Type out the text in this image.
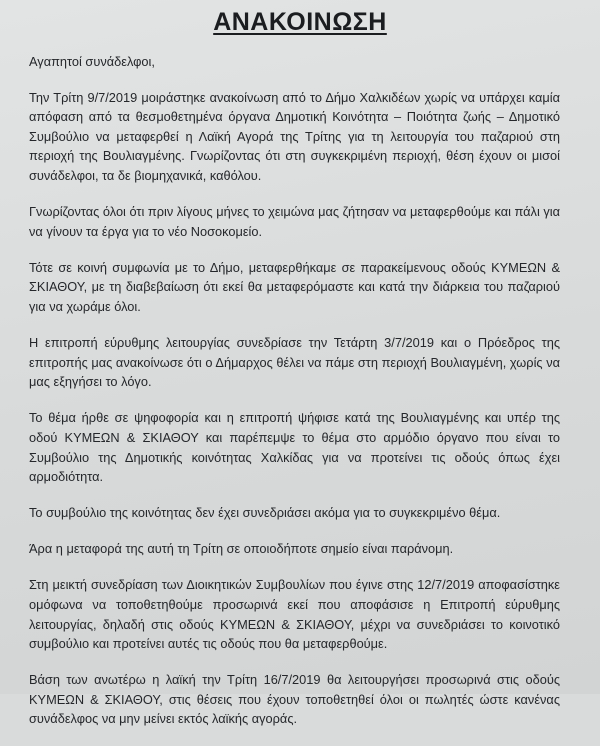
ΑΝΑΚΟΙΝΩΣΗ

Αγαπητοί συνάδελφοι,

Την Τρίτη 9/7/2019 μοιράστηκε ανακοίνωση από το Δήμο Χαλκιδέων χωρίς να υπάρχει καμία απόφαση από τα θεσμοθετημένα όργανα Δημοτική Κοινότητα – Ποιότητα ζωής – Δημοτικό Συμβούλιο να μεταφερθεί η Λαϊκή Αγορά της Τρίτης για τη λειτουργία του παζαριού στη περιοχή της Βουλιαγμένης. Γνωρίζοντας ότι στη συγκεκριμένη περιοχή, θέση έχουν οι μισοί συνάδελφοι, τα δε βιομηχανικά, καθόλου.

Γνωρίζοντας όλοι ότι πριν λίγους μήνες το χειμώνα μας ζήτησαν να μεταφερθούμε και πάλι για να γίνουν τα έργα για το νέο Νοσοκομείο.

Τότε σε κοινή συμφωνία με το Δήμο, μεταφερθήκαμε σε παρακείμενους οδούς ΚΥΜΕΩΝ & ΣΚΙΑΘΟΥ, με τη διαβεβαίωση ότι εκεί θα μεταφερόμαστε και κατά την διάρκεια του παζαριού για να χωράμε όλοι.

Η επιτροπή εύρυθμης λειτουργίας συνεδρίασε την Τετάρτη 3/7/2019 και ο Πρόεδρος της επιτροπής μας ανακοίνωσε ότι ο Δήμαρχος θέλει να πάμε στη περιοχή Βουλιαγμένη, χωρίς να μας εξηγήσει το λόγο.

Το θέμα ήρθε σε ψηφοφορία και η επιτροπή ψήφισε κατά της Βουλιαγμένης και υπέρ της οδού ΚΥΜΕΩΝ & ΣΚΙΑΘΟΥ και παρέπεμψε το θέμα στο αρμόδιο όργανο που είναι το Συμβούλιο της Δημοτικής κοινότητας Χαλκίδας για να προτείνει τις οδούς όπως έχει αρμοδιότητα.

Το συμβούλιο της κοινότητας δεν έχει συνεδριάσει ακόμα για το συγκεκριμένο θέμα.

Άρα η μεταφορά της αυτή τη Τρίτη σε οποιοδήποτε σημείο είναι παράνομη.

Στη μεικτή συνεδρίαση των Διοικητικών Συμβουλίων που έγινε στης 12/7/2019 αποφασίστηκε ομόφωνα να τοποθετηθούμε προσωρινά εκεί που αποφάσισε η Επιτροπή εύρυθμης λειτουργίας, δηλαδή στις οδούς ΚΥΜΕΩΝ & ΣΚΙΑΘΟΥ, μέχρι να συνεδριάσει το κοινοτικό συμβούλιο και προτείνει αυτές τις οδούς που θα μεταφερθούμε.

Βάση των ανωτέρω η λαϊκή την Τρίτη 16/7/2019 θα λειτουργήσει προσωρινά στις οδούς ΚΥΜΕΩΝ & ΣΚΙΑΘΟΥ, στις θέσεις που έχουν τοποθετηθεί όλοι οι πωλητές ώστε κανένας συνάδελφος να μην μείνει εκτός λαϊκής αγοράς.
